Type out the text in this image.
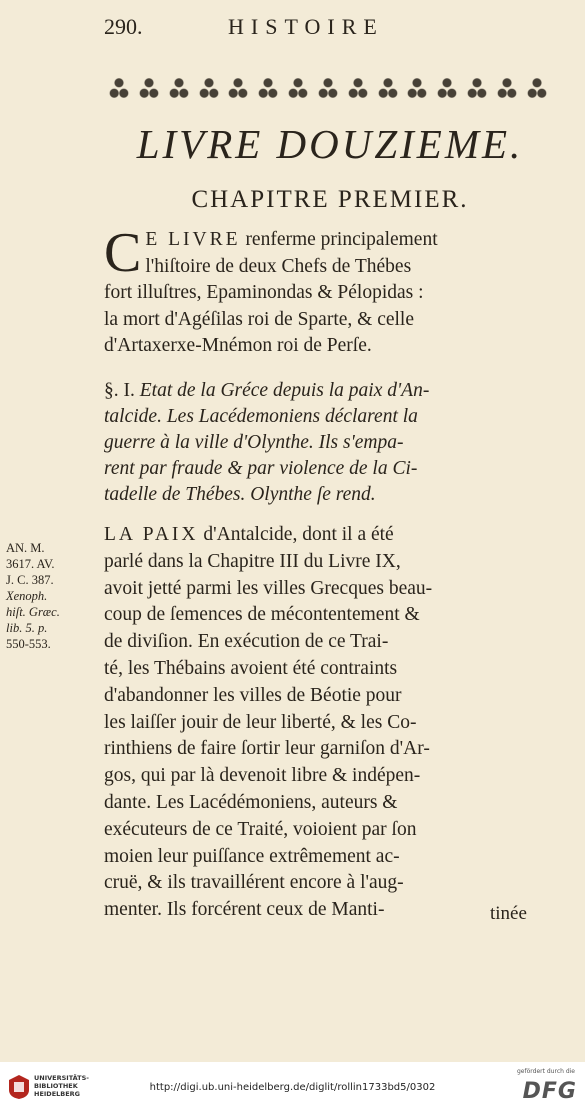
290.	HISTOIRE
LIVRE DOUZIEME.
CHAPITRE PREMIER.
C E LIVRE renferme principalement
l'hiſtoire de deux Chefs de Thébes
fort illuſtres, Epaminondas & Pélopidas :
la mort d'Agéſilas roi de Sparte, & celle
d'Artaxerxe-Mnémon roi de Perſe.
§. I. Etat de la Gréce depuis la paix d'An-
talcide. Les Lacédemoniens déclarent la
guerre à la ville d'Olynthe. Ils s'empa-
rent par fraude & par violence de la Ci-
tadelle de Thébes. Olynthe ſe rend.
AN. M.
3617. AV.
J. C. 387.
Xenoph.
hiſt. Græc.
lib. 5. p.
550-553.
LA PAIX d'Antalcide, dont il a été
parlé dans la Chapitre III du Livre IX,
avoit jetté parmi les villes Grecques beau-
coup de ſemences de mécontentement &
de diviſion. En exécution de ce Trai-
té, les Thébains avoient été contraints
d'abandonner les villes de Béotie pour
les laiſſer jouir de leur liberté, & les Co-
rinthiens de faire ſortir leur garniſon d'Ar-
gos, qui par là devenoit libre & indépen-
dante. Les Lacédémoniens, auteurs &
exécuteurs de ce Traité, voioient par ſon
moien leur puiſſance extrêmement ac-
cruë, & ils travaillérent encore à l'aug-
menter. Ils forcérent ceux de Manti-	tinée
UNIVERSITÄTS-
BIBLIOTHEK
HEIDELBERG
http://digi.ub.uni-heidelberg.de/diglit/rollin1733bd5/0302
gefördert durch die
DFG
